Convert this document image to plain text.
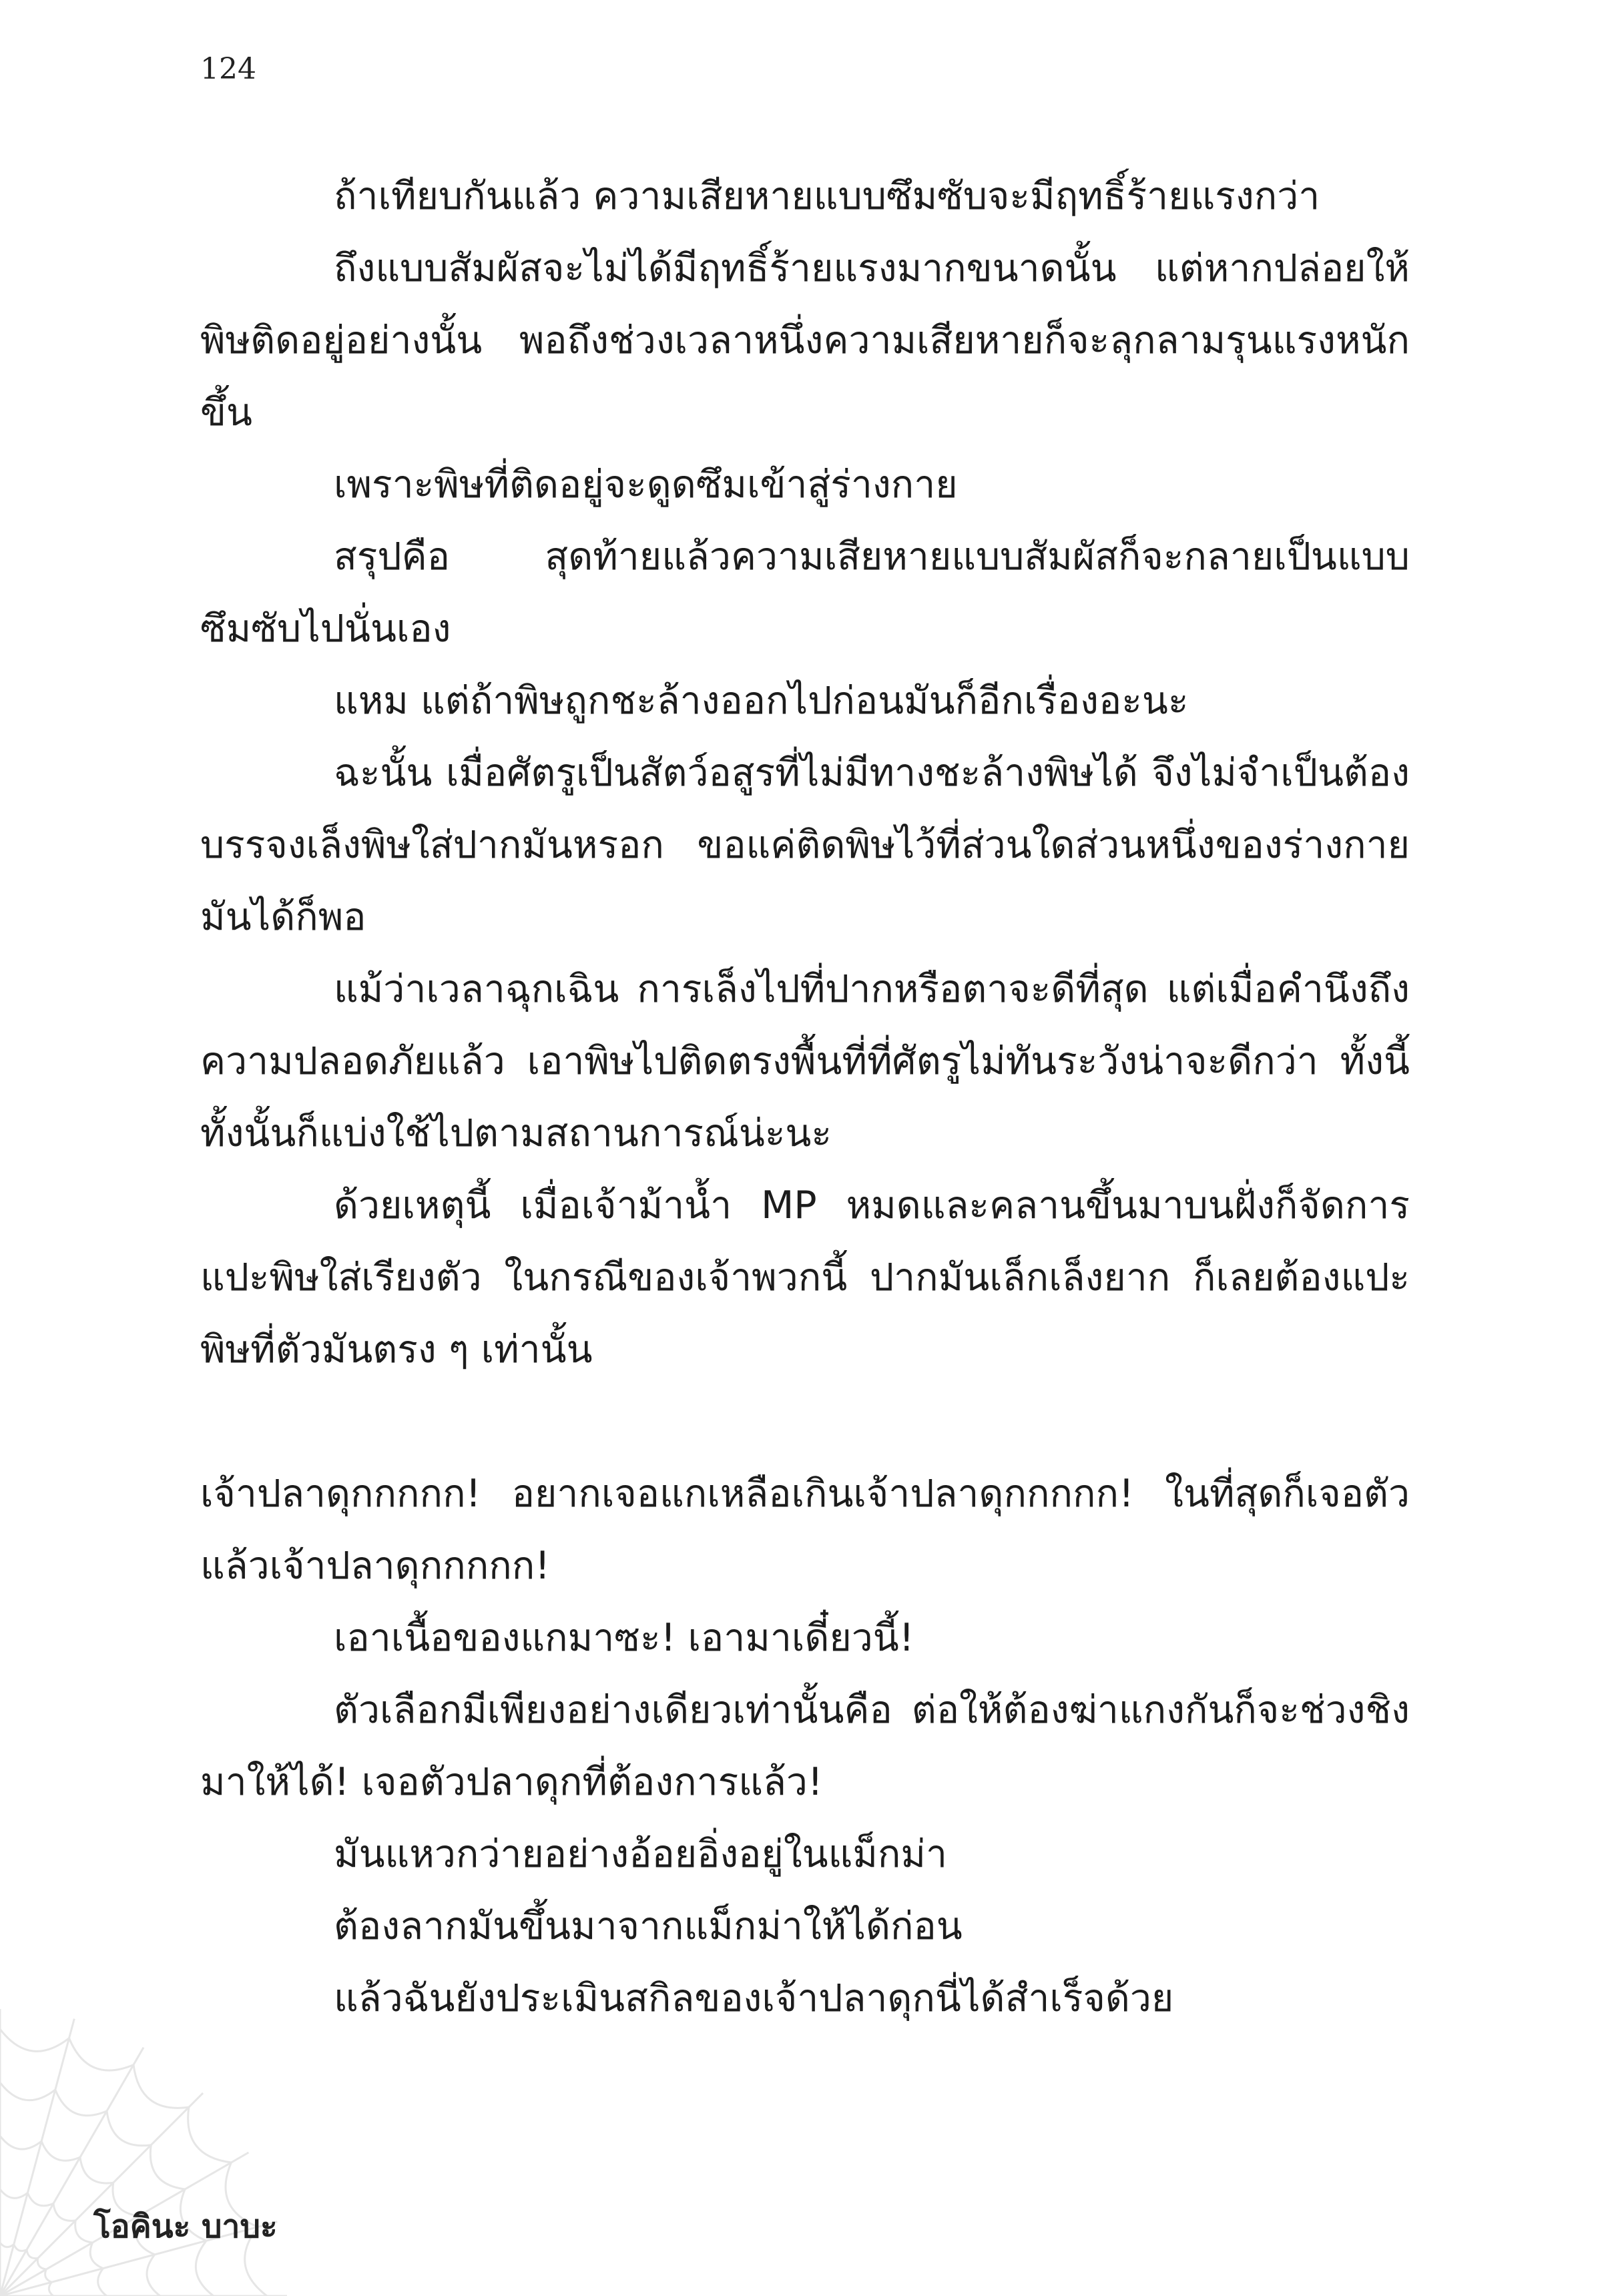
124

ถ้าเทียบกันแล้ว ความเสียหายแบบซึมซับจะมีฤทธิ์ร้ายแรงกว่า

ถึงแบบสัมผัสจะไม่ได้มีฤทธิ์ร้ายแรงมากขนาดนั้น แต่หากปล่อยให้พิษติดอยู่อย่างนั้น พอถึงช่วงเวลาหนึ่งความเสียหายก็จะลุกลามรุนแรงหนักขึ้น

เพราะพิษที่ติดอยู่จะดูดซึมเข้าสู่ร่างกาย

สรุปคือ สุดท้ายแล้วความเสียหายแบบสัมผัสก็จะกลายเป็นแบบซึมซับไปนั่นเอง

แหม แต่ถ้าพิษถูกชะล้างออกไปก่อนมันก็อีกเรื่องอะนะ

ฉะนั้น เมื่อศัตรูเป็นสัตว์อสูรที่ไม่มีทางชะล้างพิษได้ จึงไม่จำเป็นต้องบรรจงเล็งพิษใส่ปากมันหรอก ขอแค่ติดพิษไว้ที่ส่วนใดส่วนหนึ่งของร่างกายมันได้ก็พอ

แม้ว่าเวลาฉุกเฉิน การเล็งไปที่ปากหรือตาจะดีที่สุด แต่เมื่อคำนึงถึงความปลอดภัยแล้ว เอาพิษไปติดตรงพื้นที่ที่ศัตรูไม่ทันระวังน่าจะดีกว่า ทั้งนี้ทั้งนั้นก็แบ่งใช้ไปตามสถานการณ์น่ะนะ

ด้วยเหตุนี้ เมื่อเจ้าม้าน้ำ MP หมดและคลานขึ้นมาบนฝั่งก็จัดการแปะพิษใส่เรียงตัว ในกรณีของเจ้าพวกนี้ ปากมันเล็กเล็งยาก ก็เลยต้องแปะพิษที่ตัวมันตรง ๆ เท่านั้น

เจ้าปลาดุกกกกก! อยากเจอแกเหลือเกินเจ้าปลาดุกกกกก! ในที่สุดก็เจอตัวแล้วเจ้าปลาดุกกกกก!

เอาเนื้อของแกมาซะ! เอามาเดี๋ยวนี้!

ตัวเลือกมีเพียงอย่างเดียวเท่านั้นคือ ต่อให้ต้องฆ่าแกงกันก็จะช่วงชิงมาให้ได้! เจอตัวปลาดุกที่ต้องการแล้ว!

มันแหวกว่ายอย่างอ้อยอิ่งอยู่ในแม็กม่า

ต้องลากมันขึ้นมาจากแม็กม่าให้ได้ก่อน

แล้วฉันยังประเมินสกิลของเจ้าปลาดุกนี่ได้สำเร็จด้วย

โอคินะ บาบะ
